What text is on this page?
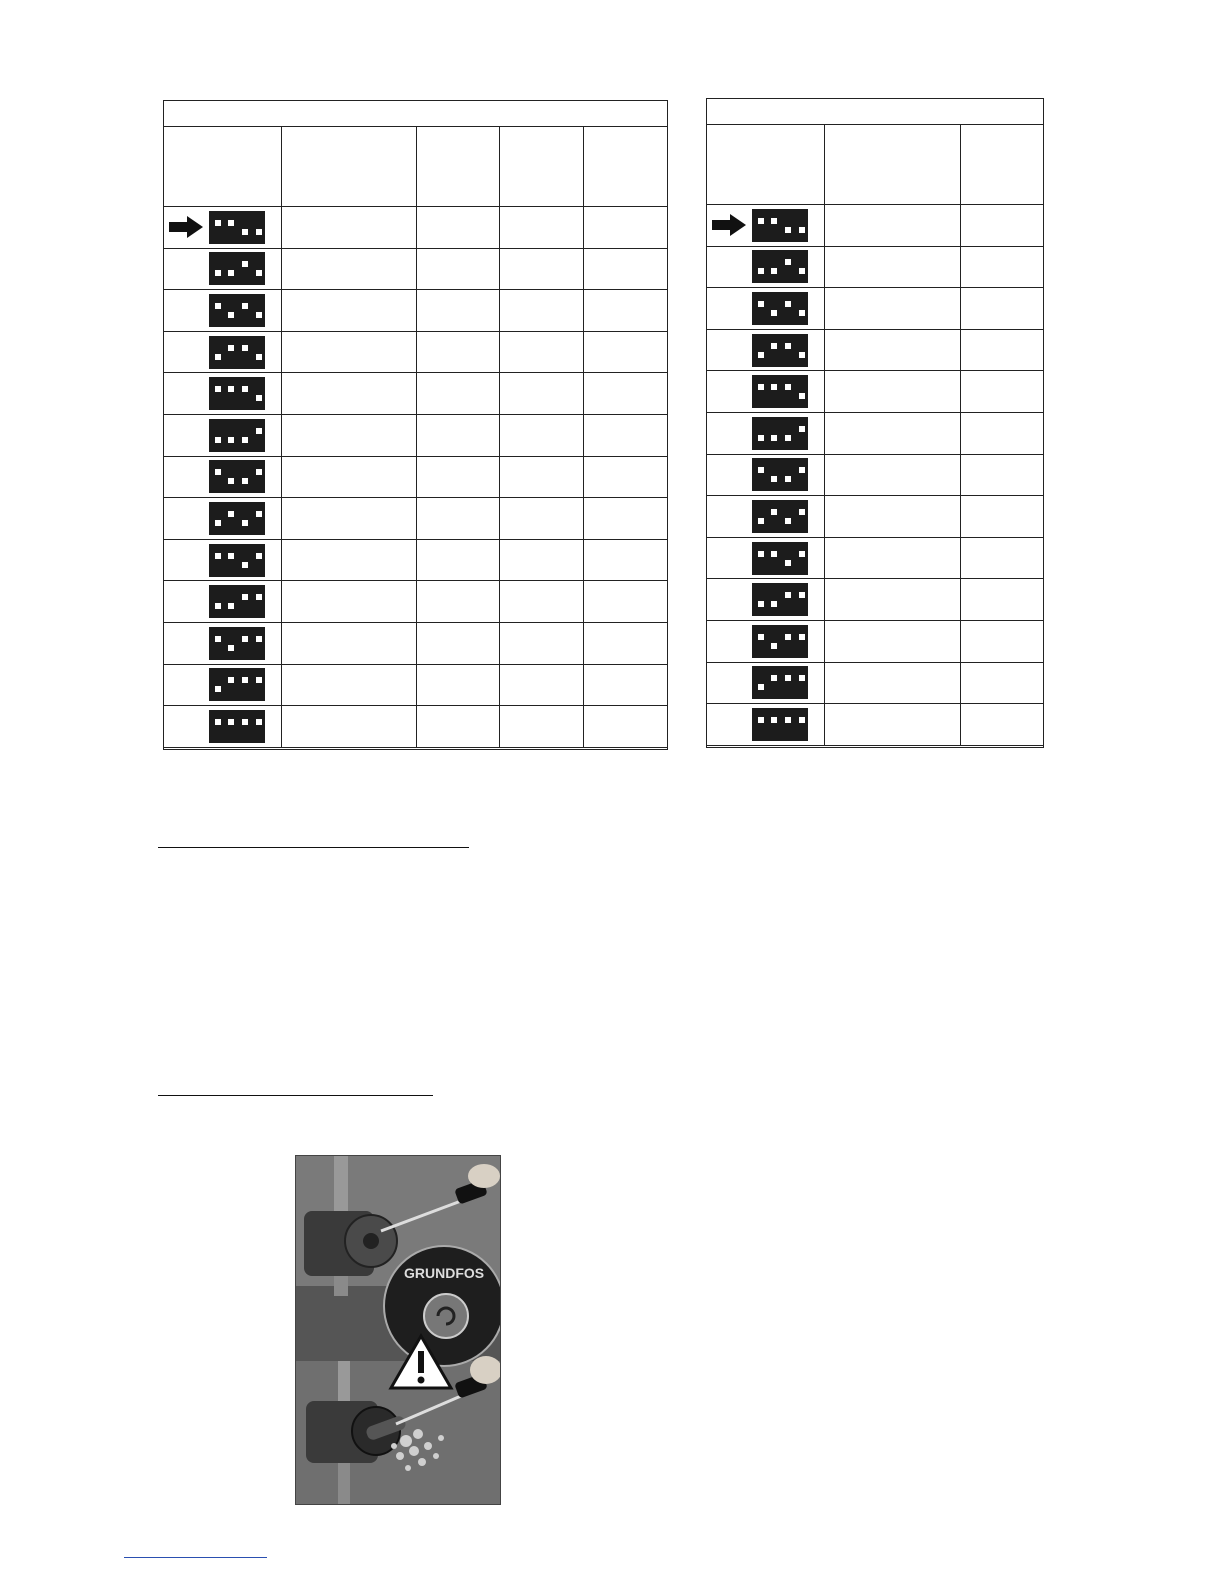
GRUNDFOS
